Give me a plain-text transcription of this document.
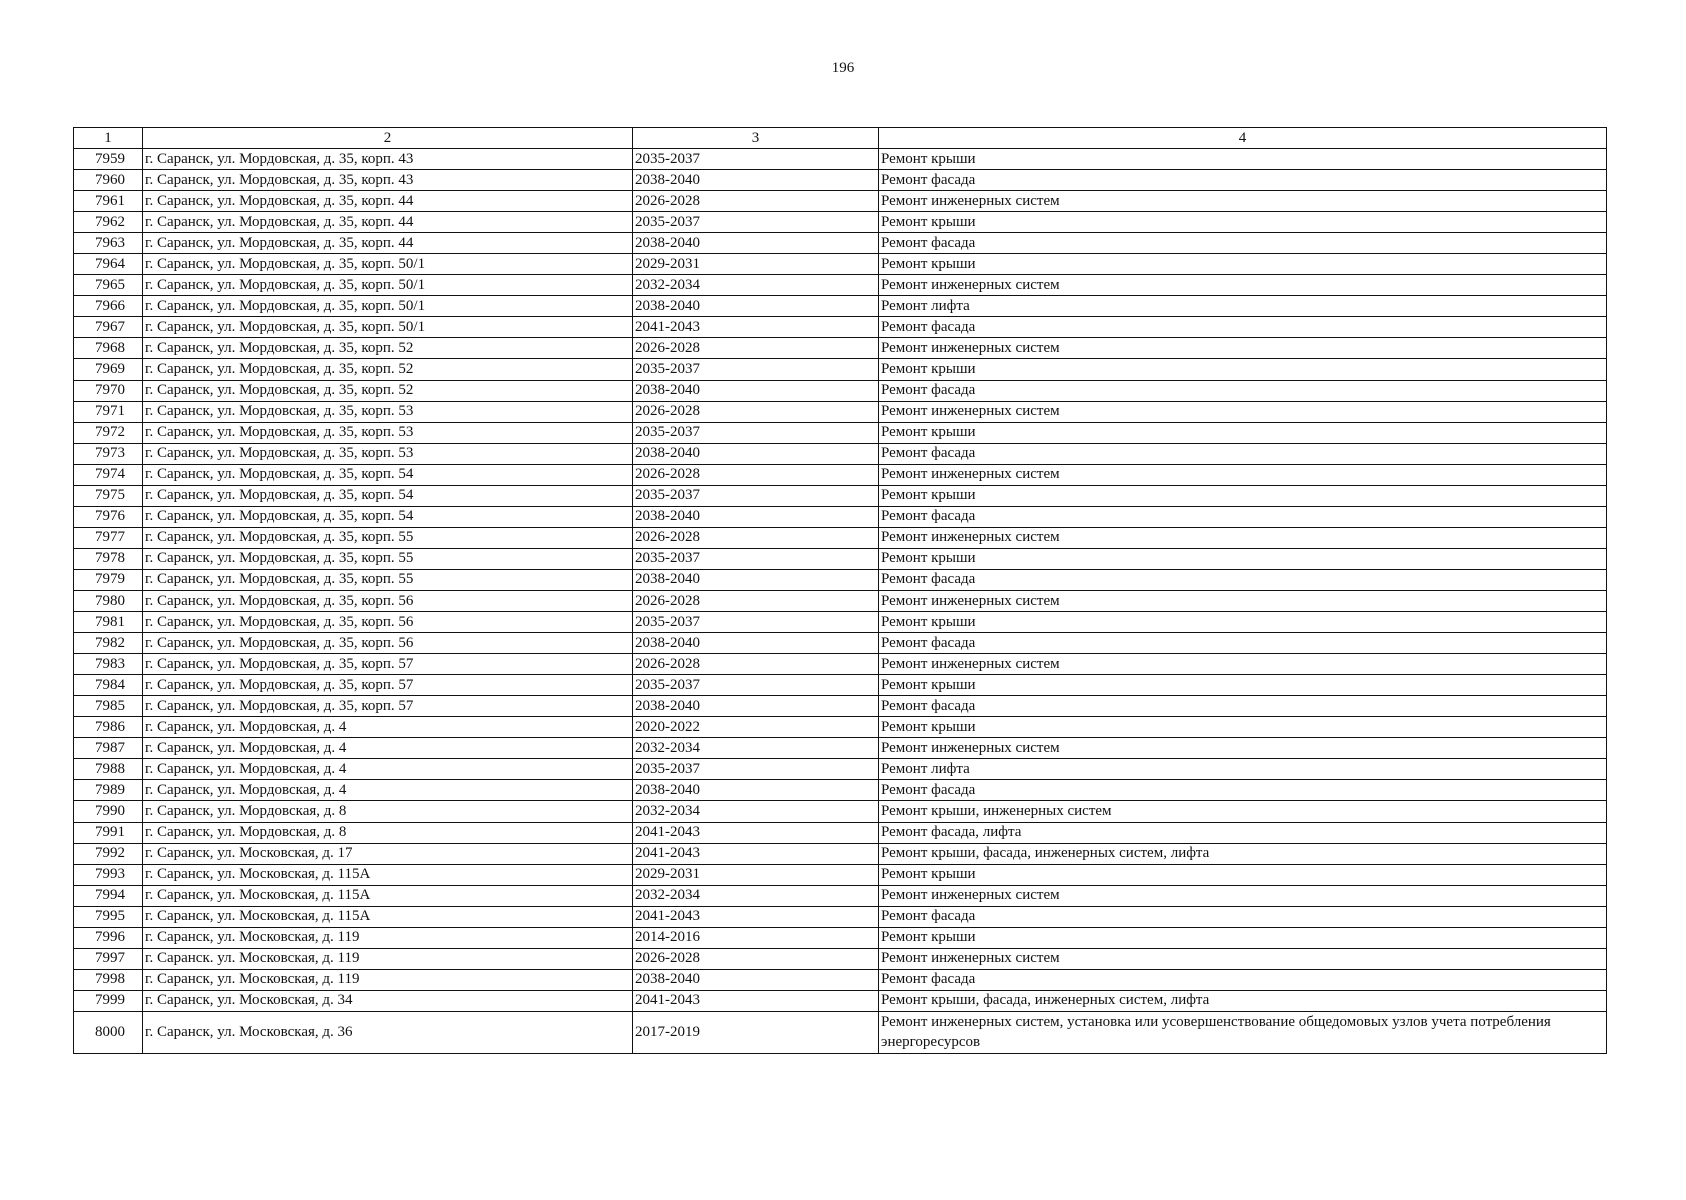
196
1	2	3	4
7959	г. Саранск, ул. Мордовская, д. 35, корп. 43	2035-2037	Ремонт крыши
7960	г. Саранск, ул. Мордовская, д. 35, корп. 43	2038-2040	Ремонт фасада
7961	г. Саранск, ул. Мордовская, д. 35, корп. 44	2026-2028	Ремонт инженерных систем
7962	г. Саранск, ул. Мордовская, д. 35, корп. 44	2035-2037	Ремонт крыши
7963	г. Саранск, ул. Мордовская, д. 35, корп. 44	2038-2040	Ремонт фасада
7964	г. Саранск, ул. Мордовская, д. 35, корп. 50/1	2029-2031	Ремонт крыши
7965	г. Саранск, ул. Мордовская, д. 35, корп. 50/1	2032-2034	Ремонт инженерных систем
7966	г. Саранск, ул. Мордовская, д. 35, корп. 50/1	2038-2040	Ремонт лифта
7967	г. Саранск, ул. Мордовская, д. 35, корп. 50/1	2041-2043	Ремонт фасада
7968	г. Саранск, ул. Мордовская, д. 35, корп. 52	2026-2028	Ремонт инженерных систем
7969	г. Саранск, ул. Мордовская, д. 35, корп. 52	2035-2037	Ремонт крыши
7970	г. Саранск, ул. Мордовская, д. 35, корп. 52	2038-2040	Ремонт фасада
7971	г. Саранск, ул. Мордовская, д. 35, корп. 53	2026-2028	Ремонт инженерных систем
7972	г. Саранск, ул. Мордовская, д. 35, корп. 53	2035-2037	Ремонт крыши
7973	г. Саранск, ул. Мордовская, д. 35, корп. 53	2038-2040	Ремонт фасада
7974	г. Саранск, ул. Мордовская, д. 35, корп. 54	2026-2028	Ремонт инженерных систем
7975	г. Саранск, ул. Мордовская, д. 35, корп. 54	2035-2037	Ремонт крыши
7976	г. Саранск, ул. Мордовская, д. 35, корп. 54	2038-2040	Ремонт фасада
7977	г. Саранск, ул. Мордовская, д. 35, корп. 55	2026-2028	Ремонт инженерных систем
7978	г. Саранск, ул. Мордовская, д. 35, корп. 55	2035-2037	Ремонт крыши
7979	г. Саранск, ул. Мордовская, д. 35, корп. 55	2038-2040	Ремонт фасада
7980	г. Саранск, ул. Мордовская, д. 35, корп. 56	2026-2028	Ремонт инженерных систем
7981	г. Саранск, ул. Мордовская, д. 35, корп. 56	2035-2037	Ремонт крыши
7982	г. Саранск, ул. Мордовская, д. 35, корп. 56	2038-2040	Ремонт фасада
7983	г. Саранск, ул. Мордовская, д. 35, корп. 57	2026-2028	Ремонт инженерных систем
7984	г. Саранск, ул. Мордовская, д. 35, корп. 57	2035-2037	Ремонт крыши
7985	г. Саранск, ул. Мордовская, д. 35, корп. 57	2038-2040	Ремонт фасада
7986	г. Саранск, ул. Мордовская, д. 4	2020-2022	Ремонт крыши
7987	г. Саранск, ул. Мордовская, д. 4	2032-2034	Ремонт инженерных систем
7988	г. Саранск, ул. Мордовская, д. 4	2035-2037	Ремонт лифта
7989	г. Саранск, ул. Мордовская, д. 4	2038-2040	Ремонт фасада
7990	г. Саранск, ул. Мордовская, д. 8	2032-2034	Ремонт крыши, инженерных систем
7991	г. Саранск, ул. Мордовская, д. 8	2041-2043	Ремонт фасада, лифта
7992	г. Саранск, ул. Московская, д. 17	2041-2043	Ремонт крыши, фасада, инженерных систем, лифта
7993	г. Саранск, ул. Московская, д. 115А	2029-2031	Ремонт крыши
7994	г. Саранск, ул. Московская, д. 115А	2032-2034	Ремонт инженерных систем
7995	г. Саранск, ул. Московская, д. 115А	2041-2043	Ремонт фасада
7996	г. Саранск, ул. Московская, д. 119	2014-2016	Ремонт крыши
7997	г. Саранск. ул. Московская, д. 119	2026-2028	Ремонт инженерных систем
7998	г. Саранск, ул. Московская, д. 119	2038-2040	Ремонт фасада
7999	г. Саранск, ул. Московская, д. 34	2041-2043	Ремонт крыши, фасада, инженерных систем, лифта
8000	г. Саранск, ул. Московская, д. 36	2017-2019	Ремонт инженерных систем, установка или усовершенствование общедомовых узлов учета потребления энергоресурсов
